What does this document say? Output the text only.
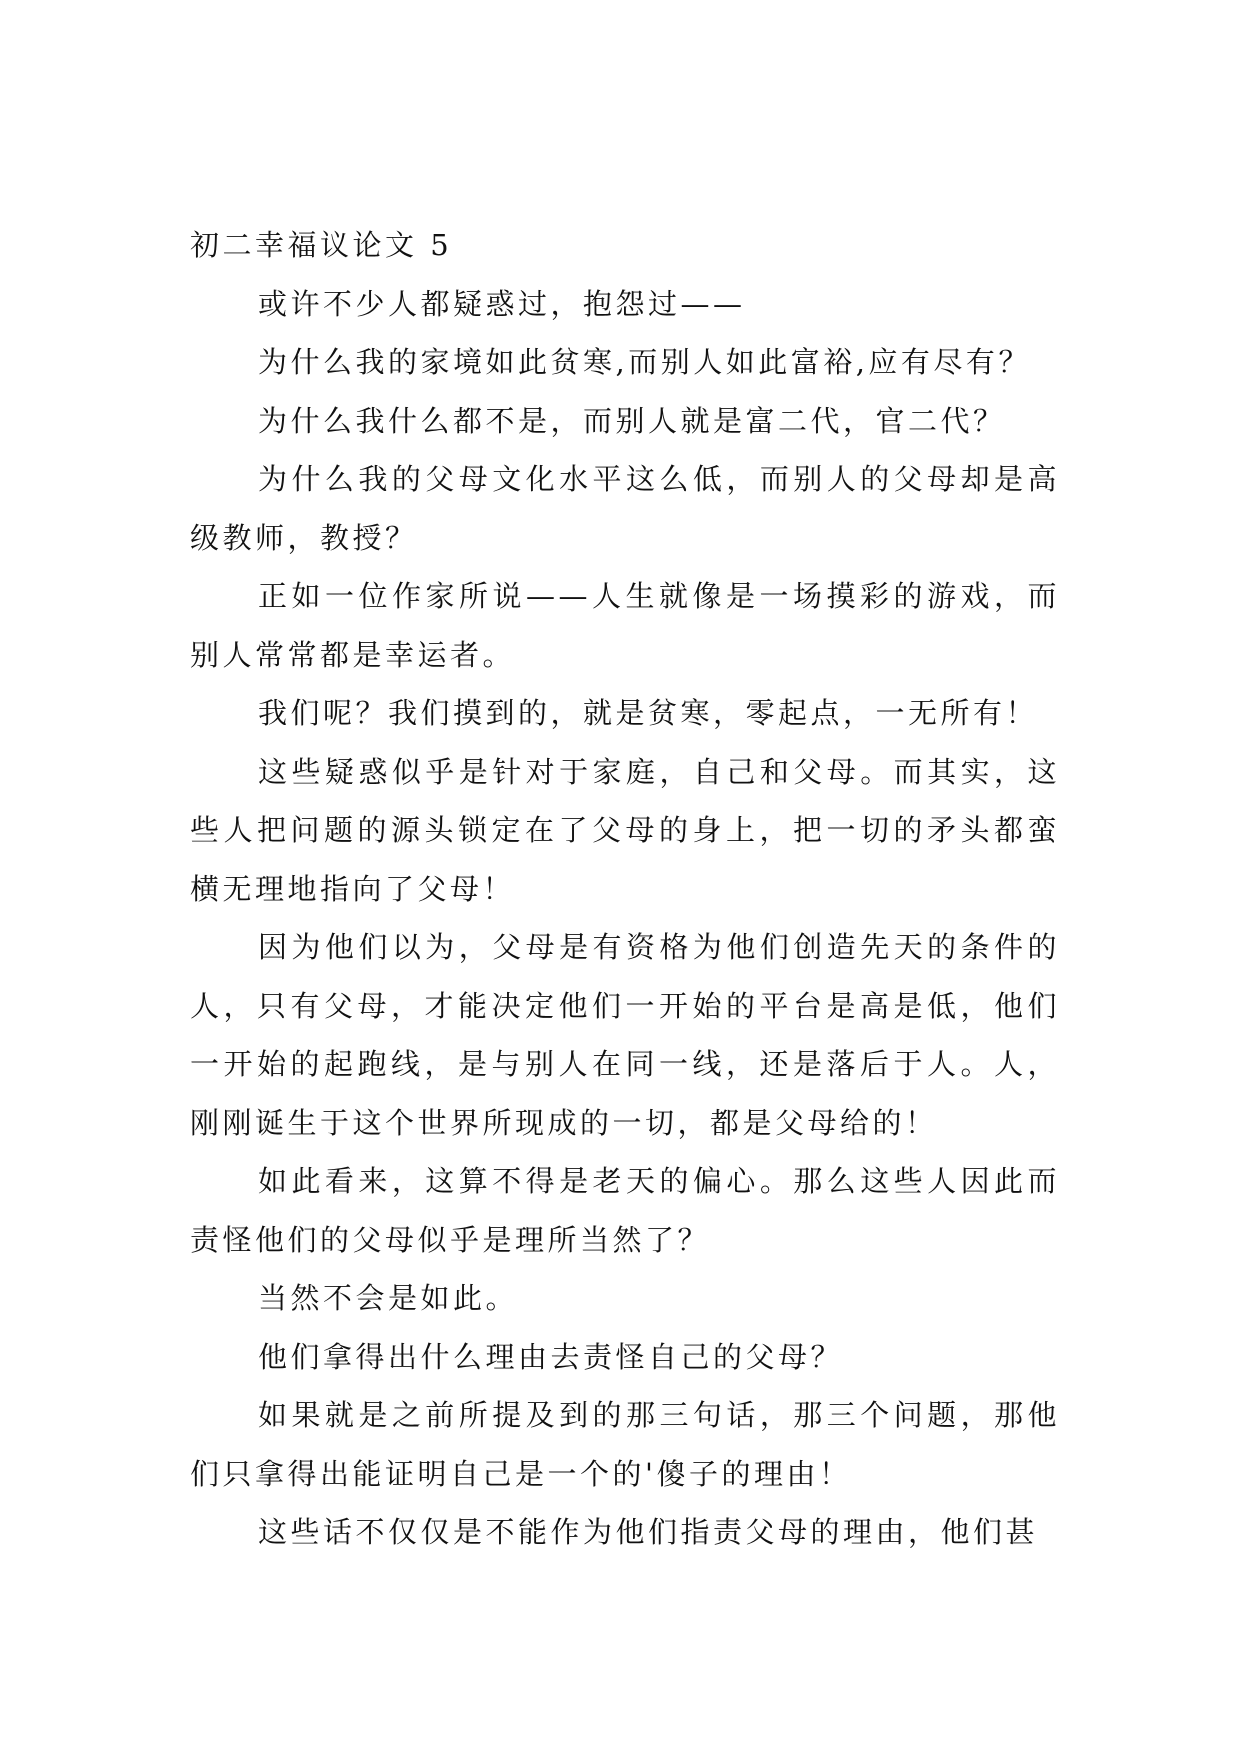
初二幸福议论文 5

或许不少人都疑惑过，抱怨过——

为什么我的家境如此贫寒,而别人如此富裕,应有尽有？

为什么我什么都不是，而别人就是富二代，官二代？

为什么我的父母文化水平这么低，而别人的父母却是高级教师，教授？

正如一位作家所说——人生就像是一场摸彩的游戏，而别人常常都是幸运者。

我们呢？我们摸到的，就是贫寒，零起点，一无所有！

这些疑惑似乎是针对于家庭，自己和父母。而其实，这些人把问题的源头锁定在了父母的身上，把一切的矛头都蛮横无理地指向了父母！

因为他们以为，父母是有资格为他们创造先天的条件的人，只有父母，才能决定他们一开始的平台是高是低，他们一开始的起跑线，是与别人在同一线，还是落后于人。人，刚刚诞生于这个世界所现成的一切，都是父母给的！

如此看来，这算不得是老天的偏心。那么这些人因此而责怪他们的父母似乎是理所当然了？

当然不会是如此。

他们拿得出什么理由去责怪自己的父母？

如果就是之前所提及到的那三句话，那三个问题，那他们只拿得出能证明自己是一个的'傻子的理由！

这些话不仅仅是不能作为他们指责父母的理由，他们甚
